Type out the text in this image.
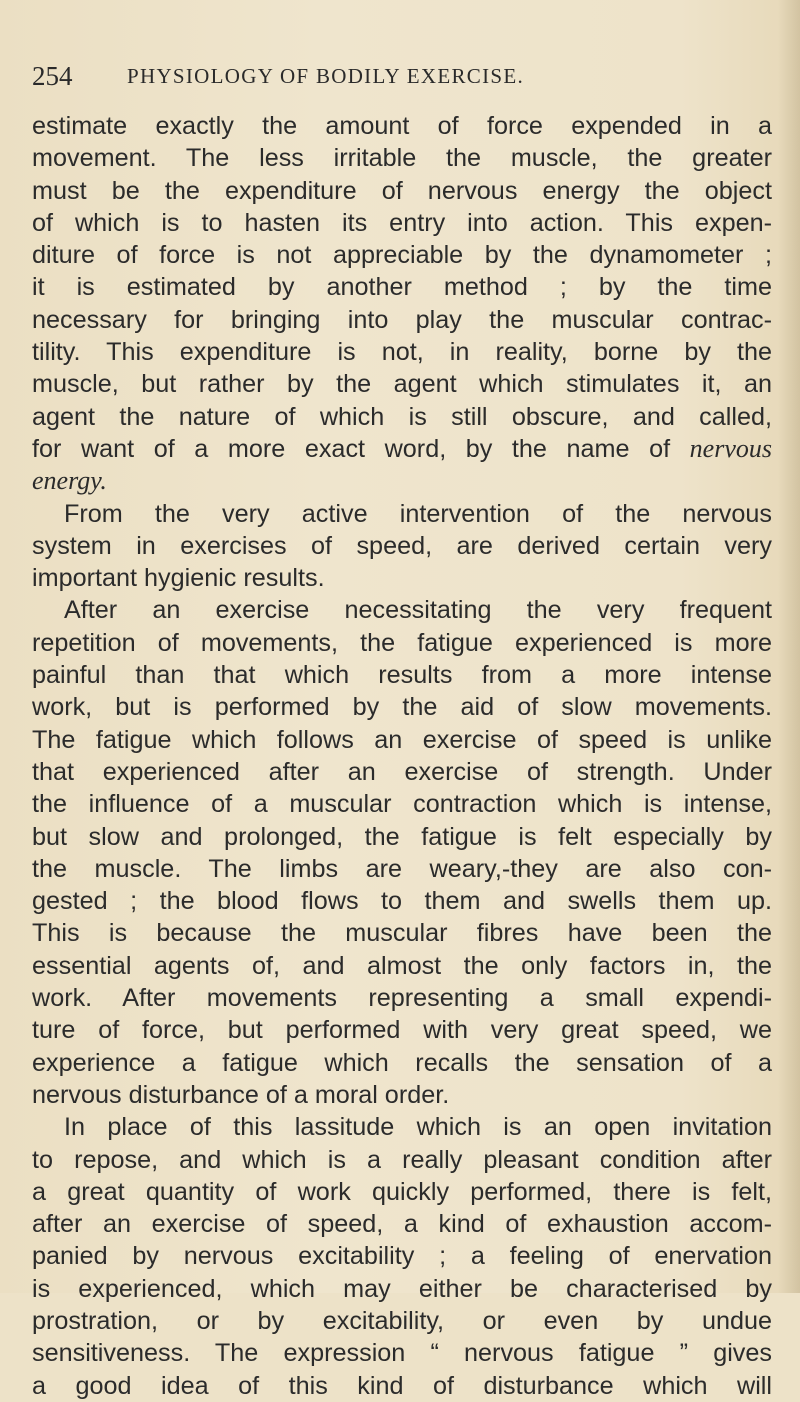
254	PHYSIOLOGY OF BODILY EXERCISE.
estimate exactly the amount of force expended in a
movement. The less irritable the muscle, the greater
must be the expenditure of nervous energy the object
of which is to hasten its entry into action. This expen-
diture of force is not appreciable by the dynamometer ;
it is estimated by another method ; by the time
necessary for bringing into play the muscular contrac-
tility. This expenditure is not, in reality, borne by the
muscle, but rather by the agent which stimulates it, an
agent the nature of which is still obscure, and called,
for want of a more exact word, by the name of nervous
energy.
From the very active intervention of the nervous
system in exercises of speed, are derived certain very
important hygienic results.
After an exercise necessitating the very frequent
repetition of movements, the fatigue experienced is more
painful than that which results from a more intense
work, but is performed by the aid of slow movements.
The fatigue which follows an exercise of speed is unlike
that experienced after an exercise of strength. Under
the influence of a muscular contraction which is intense,
but slow and prolonged, the fatigue is felt especially by
the muscle. The limbs are weary,-they are also con-
gested ; the blood flows to them and swells them up.
This is because the muscular fibres have been the
essential agents of, and almost the only factors in, the
work. After movements representing a small expendi-
ture of force, but performed with very great speed, we
experience a fatigue which recalls the sensation of a
nervous disturbance of a moral order.
In place of this lassitude which is an open invitation
to repose, and which is a really pleasant condition after
a great quantity of work quickly performed, there is felt,
after an exercise of speed, a kind of exhaustion accom-
panied by nervous excitability ; a feeling of enervation
is experienced, which may either be characterised by
prostration, or by excitability, or even by undue
sensitiveness. The expression “ nervous fatigue ” gives
a good idea of this kind of disturbance which will
